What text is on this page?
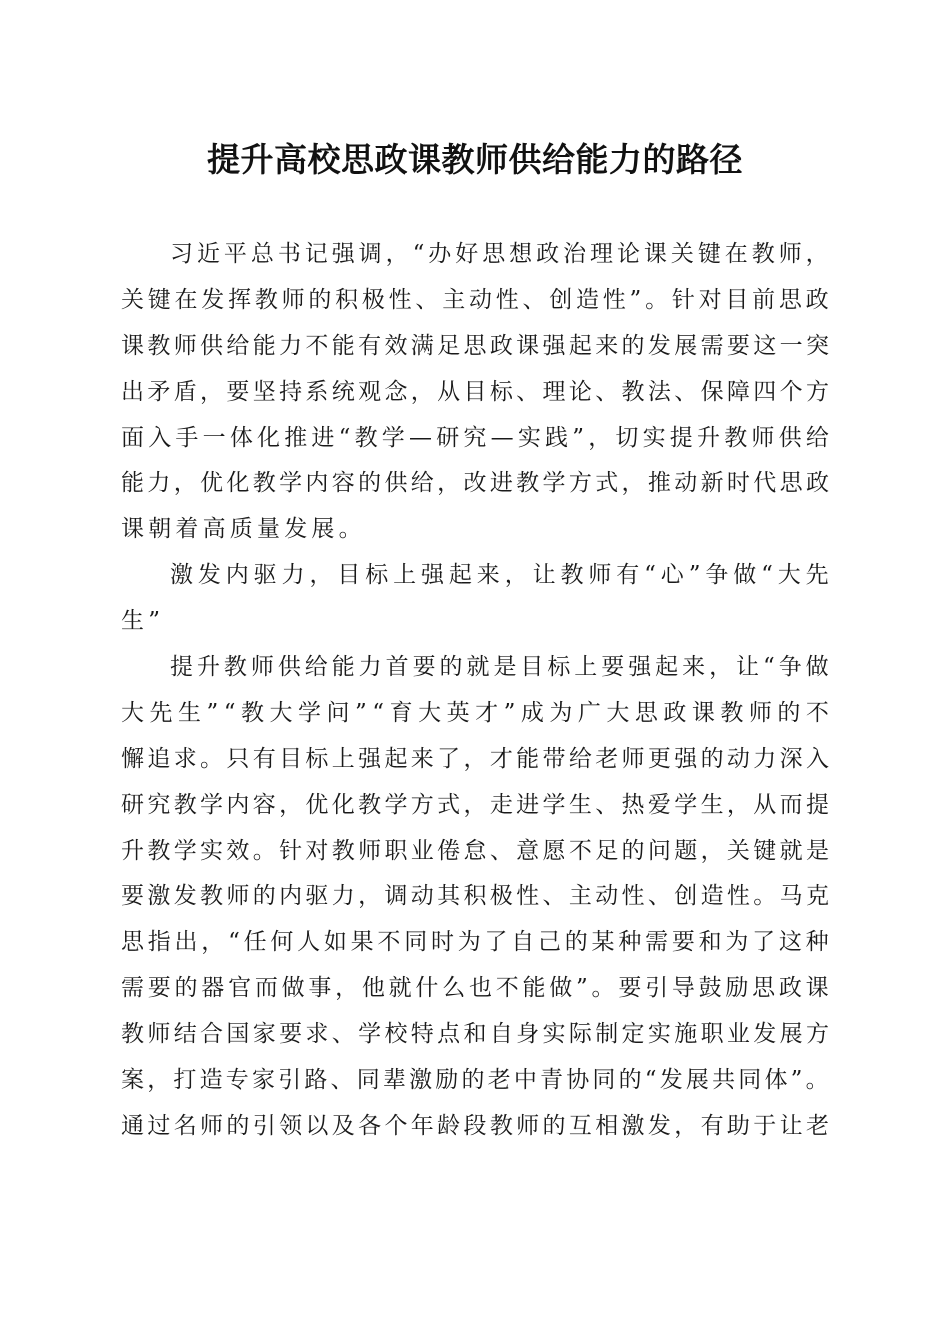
提升高校思政课教师供给能力的路径
习 近 平 总 书 记 强 调 ， “ 办 好 思 想 政 治 理 论 课 关 键 在 教 师 ，
关 键 在 发 挥 教 师 的 积 极 性 、 主 动 性 、 创 造 性 ” 。 针 对 目 前 思 政
课 教 师 供 给 能 力 不 能 有 效 满 足 思 政 课 强 起 来 的 发 展 需 要 这 一 突
出 矛 盾 ， 要 坚 持 系 统 观 念 ， 从 目 标 、 理 论 、 教 法 、 保 障 四 个 方
面 入 手 一 体 化 推 进 “ 教 学 — 研 究 — 实 践 ” ， 切 实 提 升 教 师 供 给
能 力 ， 优 化 教 学 内 容 的 供 给 ， 改 进 教 学 方 式 ， 推 动 新 时 代 思 政
课朝着高质量发展。
激 发 内 驱 力 ， 目 标 上 强 起 来 ， 让 教 师 有 “ 心 ” 争 做 “ 大 先
生”
提 升 教 师 供 给 能 力 首 要 的 就 是 目 标 上 要 强 起 来 ， 让 “ 争 做
大 先 生 ” “ 教 大 学 问 ” “ 育 大 英 才 ” 成 为 广 大 思 政 课 教 师 的 不
懈 追 求 。 只 有 目 标 上 强 起 来 了 ， 才 能 带 给 老 师 更 强 的 动 力 深 入
研 究 教 学 内 容 ， 优 化 教 学 方 式 ， 走 进 学 生 、 热 爱 学 生 ， 从 而 提
升 教 学 实 效 。 针 对 教 师 职 业 倦 怠 、 意 愿 不 足 的 问 题 ， 关 键 就 是
要 激 发 教 师 的 内 驱 力 ， 调 动 其 积 极 性 、 主 动 性 、 创 造 性 。 马 克
思 指 出 ， “ 任 何 人 如 果 不 同 时 为 了 自 己 的 某 种 需 要 和 为 了 这 种
需 要 的 器 官 而 做 事 ， 他 就 什 么 也 不 能 做 ” 。 要 引 导 鼓 励 思 政 课
教 师 结 合 国 家 要 求 、 学 校 特 点 和 自 身 实 际 制 定 实 施 职 业 发 展 方
案 ， 打 造 专 家 引 路 、 同 辈 激 励 的 老 中 青 协 同 的 “ 发 展 共 同 体 ” 。
通 过 名 师 的 引 领 以 及 各 个 年 龄 段 教 师 的 互 相 激 发 ， 有 助 于 让 老
